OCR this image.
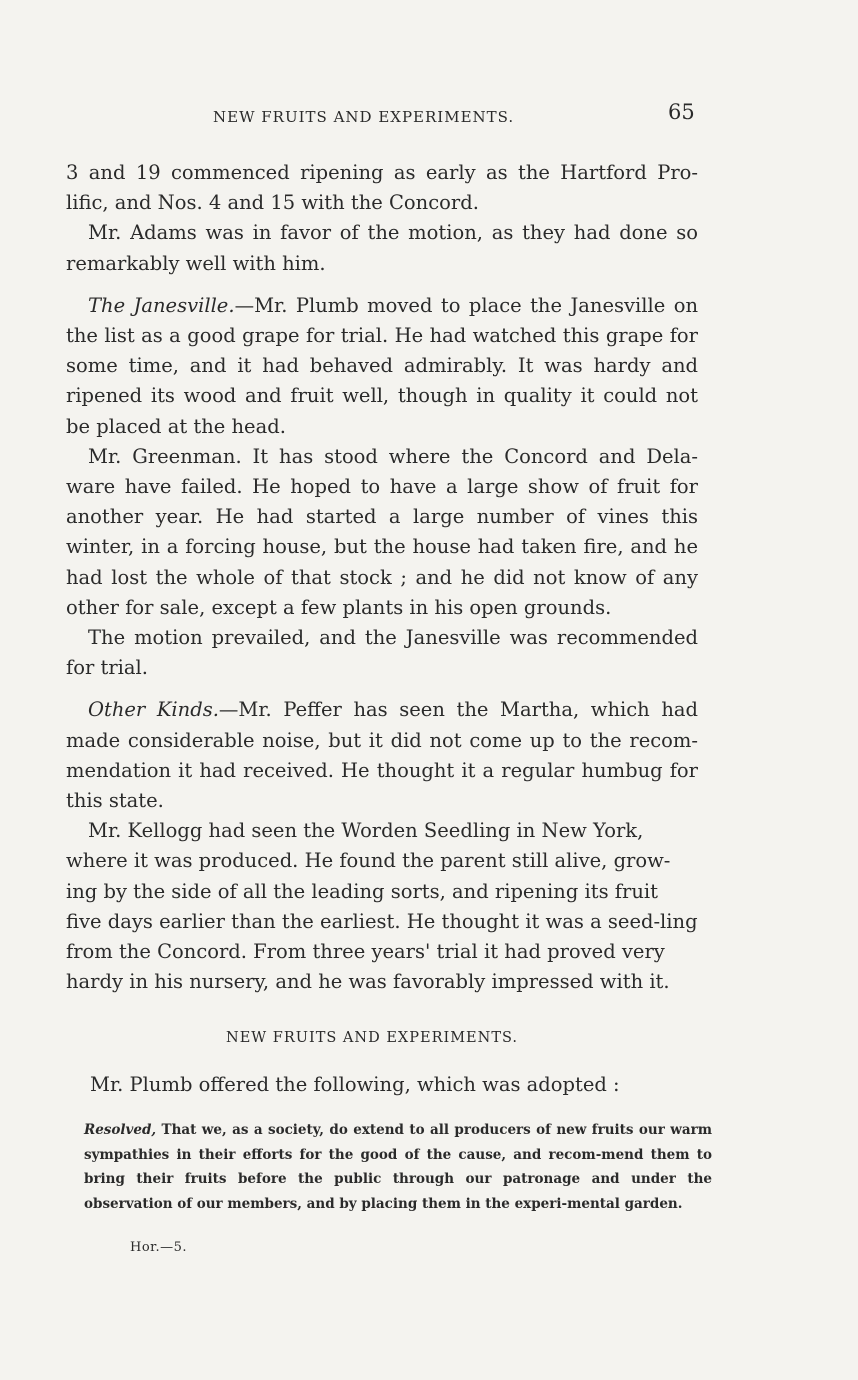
NEW FRUITS AND EXPERIMENTS.	65

3 and 19 commenced ripening as early as the Hartford Pro-lific, and Nos. 4 and 15 with the Concord.

Mr. Adams was in favor of the motion, as they had done so remarkably well with him.

The Janesville.—Mr. Plumb moved to place the Janesville on the list as a good grape for trial. He had watched this grape for some time, and it had behaved admirably. It was hardy and ripened its wood and fruit well, though in quality it could not be placed at the head.

Mr. Greenman. It has stood where the Concord and Dela-ware have failed. He hoped to have a large show of fruit for another year. He had started a large number of vines this winter, in a forcing house, but the house had taken fire, and he had lost the whole of that stock ; and he did not know of any other for sale, except a few plants in his open grounds.

The motion prevailed, and the Janesville was recommended for trial.

Other Kinds.—Mr. Peffer has seen the Martha, which had made considerable noise, but it did not come up to the recom-mendation it had received. He thought it a regular humbug for this state.

Mr. Kellogg had seen the Worden Seedling in New York, where it was produced. He found the parent still alive, grow-ing by the side of all the leading sorts, and ripening its fruit five days earlier than the earliest. He thought it was a seed-ling from the Concord. From three years' trial it had proved very hardy in his nursery, and he was favorably impressed with it.

NEW FRUITS AND EXPERIMENTS.
Mr. Plumb offered the following, which was adopted :
Resolved, That we, as a society, do extend to all producers of new fruits our warm sympathies in their efforts for the good of the cause, and recom-mend them to bring their fruits before the public through our patronage and under the observation of our members, and by placing them in the experi-mental garden.
Hor.—5.
